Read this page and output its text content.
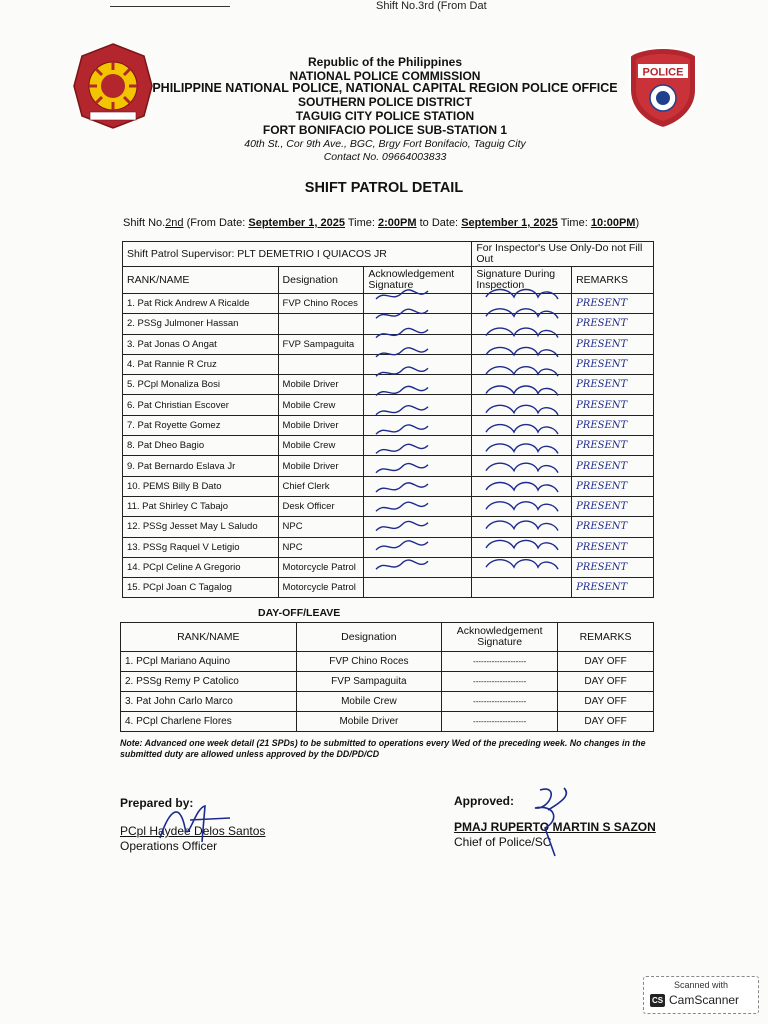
Shift No.3rd (From Dat
POLICE
Republic of the Philippines
NATIONAL POLICE COMMISSION
PHILIPPINE NATIONAL POLICE, NATIONAL CAPITAL REGION POLICE OFFICE
SOUTHERN POLICE DISTRICT
TAGUIG CITY POLICE STATION
FORT BONIFACIO POLICE SUB-STATION 1
40th St., Cor 9th Ave., BGC, Brgy Fort Bonifacio, Taguig City
Contact No. 09664003833
SHIFT PATROL DETAIL
Shift No.2nd (From Date: September 1, 2025 Time: 2:00PM to Date: September 1, 2025 Time: 10:00PM)
Shift Patrol Supervisor: PLT DEMETRIO I QUIACOS JR			For Inspector's Use Only-Do not Fill Out	
RANK/NAME	Designation	Acknowledgement Signature	Signature During Inspection	REMARKS
1. Pat Rick Andrew A Ricalde	FVP Chino Roces			PRESENT
2. PSSg Julmoner Hassan				PRESENT
3. Pat Jonas O Angat	FVP Sampaguita			PRESENT
4. Pat Rannie R Cruz				PRESENT
5. PCpl Monaliza Bosi	Mobile Driver			PRESENT
6. Pat Christian Escover	Mobile Crew			PRESENT
7. Pat Royette Gomez	Mobile Driver			PRESENT
8. Pat Dheo Bagio	Mobile Crew			PRESENT
9. Pat Bernardo Eslava Jr	Mobile Driver			PRESENT
10. PEMS Billy B Dato	Chief Clerk			PRESENT
11. Pat Shirley C Tabajo	Desk Officer			PRESENT
12. PSSg Jesset May L Saludo	NPC			PRESENT
13. PSSg Raquel V Letigio	NPC			PRESENT
14. PCpl Celine A Gregorio	Motorcycle Patrol			PRESENT
15. PCpl Joan C Tagalog	Motorcycle Patrol			PRESENT
DAY-OFF/LEAVE
RANK/NAME	Designation	Acknowledgement Signature	REMARKS
1. PCpl Mariano Aquino	FVP Chino Roces	--------------------	DAY OFF
2. PSSg Remy P Catolico	FVP Sampaguita	--------------------	DAY OFF
3. Pat John Carlo Marco	Mobile Crew	--------------------	DAY OFF
4. PCpl Charlene Flores	Mobile Driver	--------------------	DAY OFF
Note: Advanced one week detail (21 SPDs) to be submitted to operations every Wed of the preceding week. No changes in the submitted duty are allowed unless approved by the DD/PD/CD
Prepared by:
PCpl Haydee Delos Santos
Operations Officer
Approved:
PMAJ RUPERTO MARTIN S SAZON
Chief of Police/SC
Scanned with
CS CamScanner
